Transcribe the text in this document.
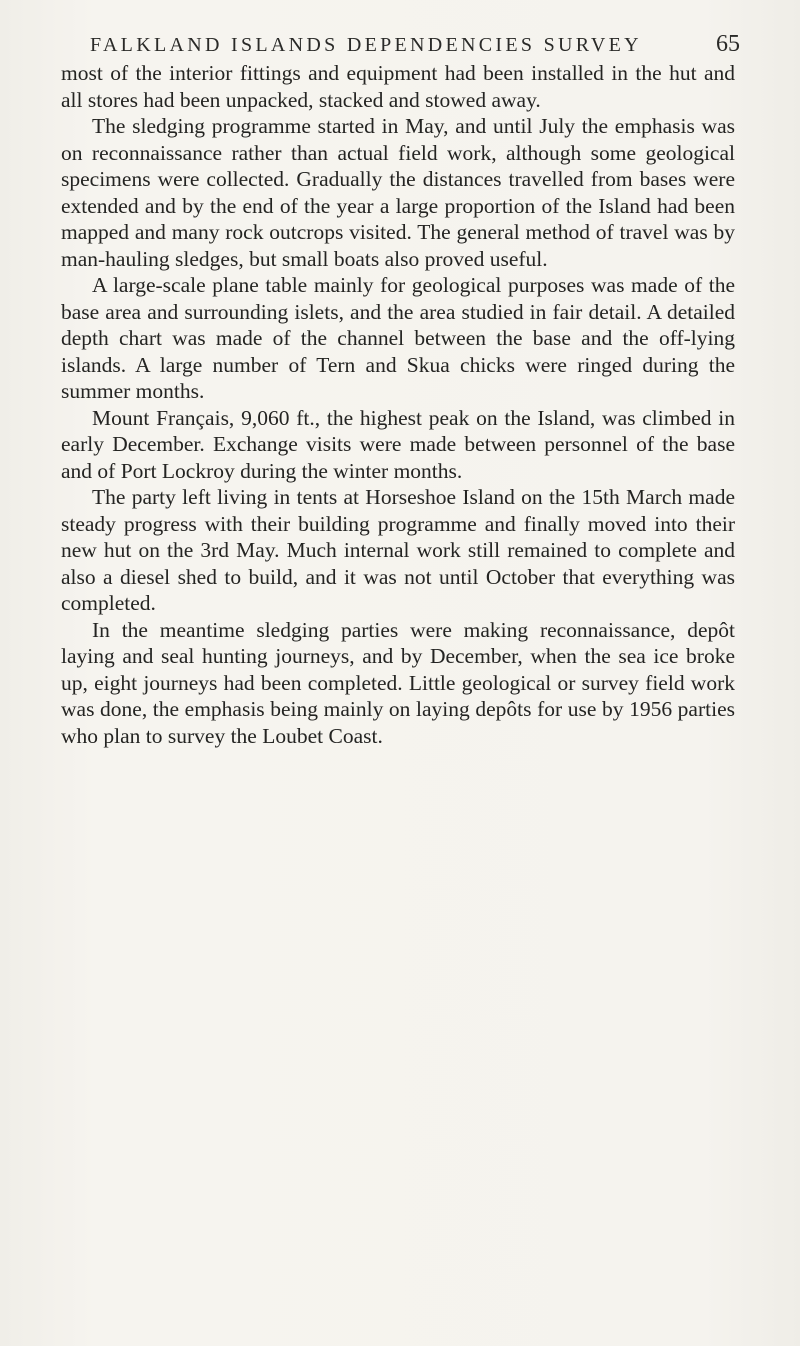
FALKLAND ISLANDS DEPENDENCIES SURVEY	65

most of the interior fittings and equipment had been installed in the hut and all stores had been unpacked, stacked and stowed away.

The sledging programme started in May, and until July the emphasis was on reconnaissance rather than actual field work, although some geological specimens were collected. Gradually the distances travelled from bases were extended and by the end of the year a large proportion of the Island had been mapped and many rock outcrops visited. The general method of travel was by man-hauling sledges, but small boats also proved useful.

A large-scale plane table mainly for geological purposes was made of the base area and surrounding islets, and the area studied in fair detail. A detailed depth chart was made of the channel between the base and the off-lying islands. A large number of Tern and Skua chicks were ringed during the summer months.

Mount Français, 9,060 ft., the highest peak on the Island, was climbed in early December. Exchange visits were made between personnel of the base and of Port Lockroy during the winter months.

The party left living in tents at Horseshoe Island on the 15th March made steady progress with their building programme and finally moved into their new hut on the 3rd May. Much internal work still remained to complete and also a diesel shed to build, and it was not until October that everything was completed.

In the meantime sledging parties were making reconnaissance, depôt laying and seal hunting journeys, and by December, when the sea ice broke up, eight journeys had been completed. Little geological or survey field work was done, the emphasis being mainly on laying depôts for use by 1956 parties who plan to survey the Loubet Coast.
